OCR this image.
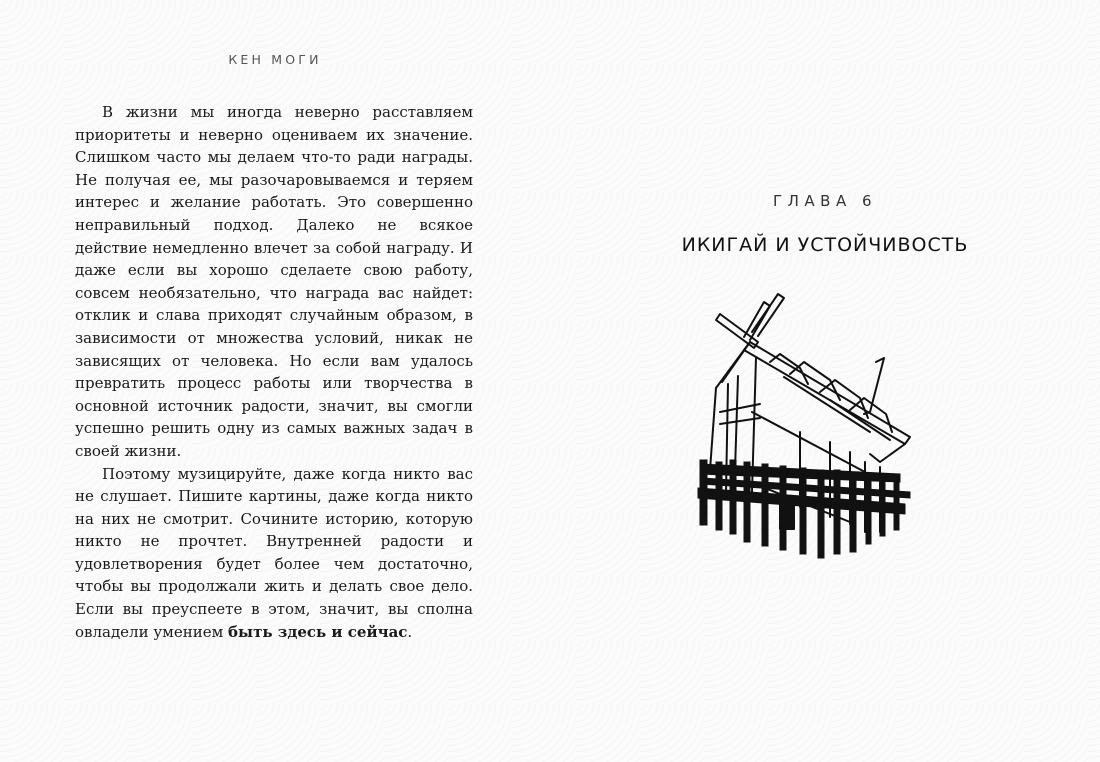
КЕН МОГИ

В жизни мы иногда неверно расставляем приоритеты и неверно оцениваем их значение. Слишком часто мы делаем что-то ради награды. Не получая ее, мы разочаровываемся и теряем интерес и желание работать. Это совершенно неправильный подход. Далеко не всякое действие немедленно влечет за собой награду. И даже если вы хорошо сделаете свою работу, совсем необязательно, что награда вас найдет: отклик и слава приходят случайным образом, в зависимости от множества условий, никак не зависящих от человека. Но если вам удалось превратить процесс работы или творчества в основной источник радости, значит, вы смогли успешно решить одну из самых важных задач в своей жизни.

Поэтому музицируйте, даже когда никто вас не слушает. Пишите картины, даже когда никто на них не смотрит. Сочините историю, которую никто не прочтет. Внутренней радости и удовлетворения будет более чем достаточно, чтобы вы продолжали жить и делать свое дело. Если вы преуспеете в этом, значит, вы сполна овладели умением быть здесь и сейчас.

ГЛАВА 6
ИКИГАЙ И УСТОЙЧИВОСТЬ
